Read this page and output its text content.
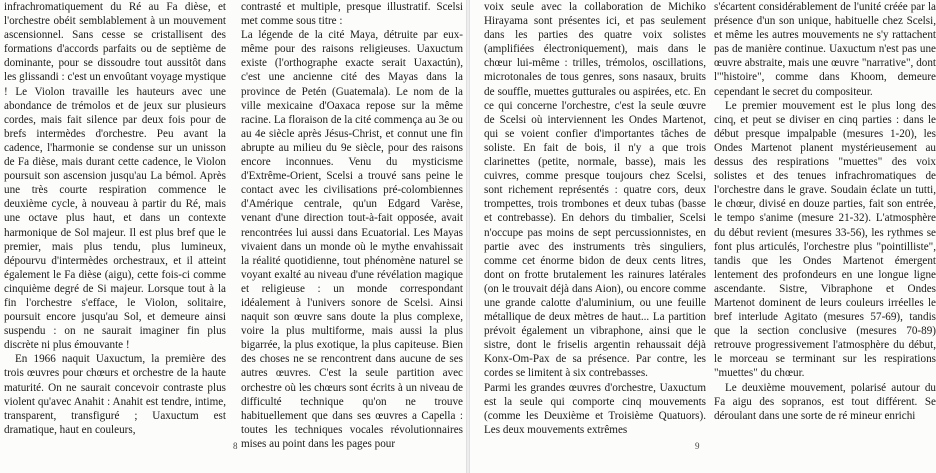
infrachromatiquement du Ré au Fa dièse, et l'orchestre obéit semblablement à un mouvement ascensionnel. Sans cesse se cristallisent des formations d'accords parfaits ou de septième de dominante, pour se dissoudre tout aussitôt dans les glissandi : c'est un envoûtant voyage mystique ! Le Violon travaille les hauteurs avec une abondance de trémolos et de jeux sur plusieurs cordes, mais fait silence par deux fois pour de brefs intermèdes d'orchestre. Peu avant la cadence, l'harmonie se condense sur un unisson de Fa dièse, mais durant cette cadence, le Violon poursuit son ascension jusqu'au La bémol. Après une très courte respiration commence le deuxième cycle, à nouveau à partir du Ré, mais une octave plus haut, et dans un contexte harmonique de Sol majeur. Il est plus bref que le premier, mais plus tendu, plus lumineux, dépourvu d'intermèdes orchestraux, et il atteint également le Fa dièse (aigu), cette fois-ci comme cinquième degré de Si majeur. Lorsque tout à la fin l'orchestre s'efface, le Violon, solitaire, poursuit encore jusqu'au Sol, et demeure ainsi suspendu : on ne saurait imaginer fin plus discrète ni plus émouvante !

En 1966 naquit Uaxuctum, la première des trois œuvres pour chœurs et orchestre de la haute maturité. On ne saurait concevoir contraste plus violent qu'avec Anahit : Anahit est tendre, intime, transparent, transfiguré ; Uaxuctum est dramatique, haut en couleurs,

contrasté et multiple, presque illustratif. Scelsi met comme sous titre :

La légende de la cité Maya, détruite par eux-même pour des raisons religieuses. Uaxuctum existe (l'orthographe exacte serait Uaxactún), c'est une ancienne cité des Mayas dans la province de Petén (Guatemala). Le nom de la ville mexicaine d'Oaxaca repose sur la même racine. La floraison de la cité commença au 3e ou au 4e siècle après Jésus-Christ, et connut une fin abrupte au milieu du 9e siècle, pour des raisons encore inconnues. Venu du mysticisme d'Extrême-Orient, Scelsi a trouvé sans peine le contact avec les civilisations pré-colombiennes d'Amérique centrale, qu'un Edgard Varèse, venant d'une direction tout-à-fait opposée, avait rencontrées lui aussi dans Ecuatorial. Les Mayas vivaient dans un monde où le mythe envahissait la réalité quotidienne, tout phénomène naturel se voyant exalté au niveau d'une révélation magique et religieuse : un monde correspondant idéalement à l'univers sonore de Scelsi. Ainsi naquit son œuvre sans doute la plus complexe, voire la plus multiforme, mais aussi la plus bigarrée, la plus exotique, la plus capiteuse. Bien des choses ne se rencontrent dans aucune de ses autres œuvres. C'est la seule partition avec orchestre où les chœurs sont écrits à un niveau de difficulté technique qu'on ne trouve habituellement que dans ses œuvres a Capella : toutes les techniques vocales révolutionnaires mises au point dans les pages pour

8

voix seule avec la collaboration de Michiko Hirayama sont présentes ici, et pas seulement dans les parties des quatre voix solistes (amplifiées électroniquement), mais dans le chœur lui-même : trilles, trémolos, oscillations, microtonales de tous genres, sons nasaux, bruits de souffle, muettes gutturales ou aspirées, etc. En ce qui concerne l'orchestre, c'est la seule œuvre de Scelsi où interviennent les Ondes Martenot, qui se voient confier d'importantes tâches de soliste. En fait de bois, il n'y a que trois clarinettes (petite, normale, basse), mais les cuivres, comme presque toujours chez Scelsi, sont richement représentés : quatre cors, deux trompettes, trois trombones et deux tubas (basse et contrebasse). En dehors du timbalier, Scelsi n'occupe pas moins de sept percussionnistes, en partie avec des instruments très singuliers, comme cet énorme bidon de deux cents litres, dont on frotte brutalement les rainures latérales (on le trouvait déjà dans Aion), ou encore comme une grande calotte d'aluminium, ou une feuille métallique de deux mètres de haut... La partition prévoit également un vibraphone, ainsi que le sistre, dont le friselis argentin rehaussait déjà Konx-Om-Pax de sa présence. Par contre, les cordes se limitent à six contrebasses.

Parmi les grandes œuvres d'orchestre, Uaxuctum est la seule qui comporte cinq mouvements (comme les Deuxième et Troisième Quatuors). Les deux mouvements extrêmes

s'écartent considérablement de l'unité créée par la présence d'un son unique, habituelle chez Scelsi, et même les autres mouvements ne s'y rattachent pas de manière continue. Uaxuctum n'est pas une œuvre abstraite, mais une œuvre "narrative", dont l'"histoire", comme dans Khoom, demeure cependant le secret du compositeur.

Le premier mouvement est le plus long des cinq, et peut se diviser en cinq parties : dans le début presque impalpable (mesures 1-20), les Ondes Martenot planent mystérieusement au dessus des respirations "muettes" des voix solistes et des tenues infrachromatiques de l'orchestre dans le grave. Soudain éclate un tutti, le chœur, divisé en douze parties, fait son entrée, le tempo s'anime (mesure 21-32). L'atmosphère du début revient (mesures 33-56), les rythmes se font plus articulés, l'orchestre plus "pointilliste", tandis que les Ondes Martenot émergent lentement des profondeurs en une longue ligne ascendante. Sistre, Vibraphone et Ondes Martenot dominent de leurs couleurs irréelles le bref interlude Agitato (mesures 57-69), tandis que la section conclusive (mesures 70-89) retrouve progressivement l'atmosphère du début, le morceau se terminant sur les respirations "muettes" du chœur.

Le deuxième mouvement, polarisé autour du Fa aigu des sopranos, est tout différent. Se déroulant dans une sorte de ré mineur enrichi

9
